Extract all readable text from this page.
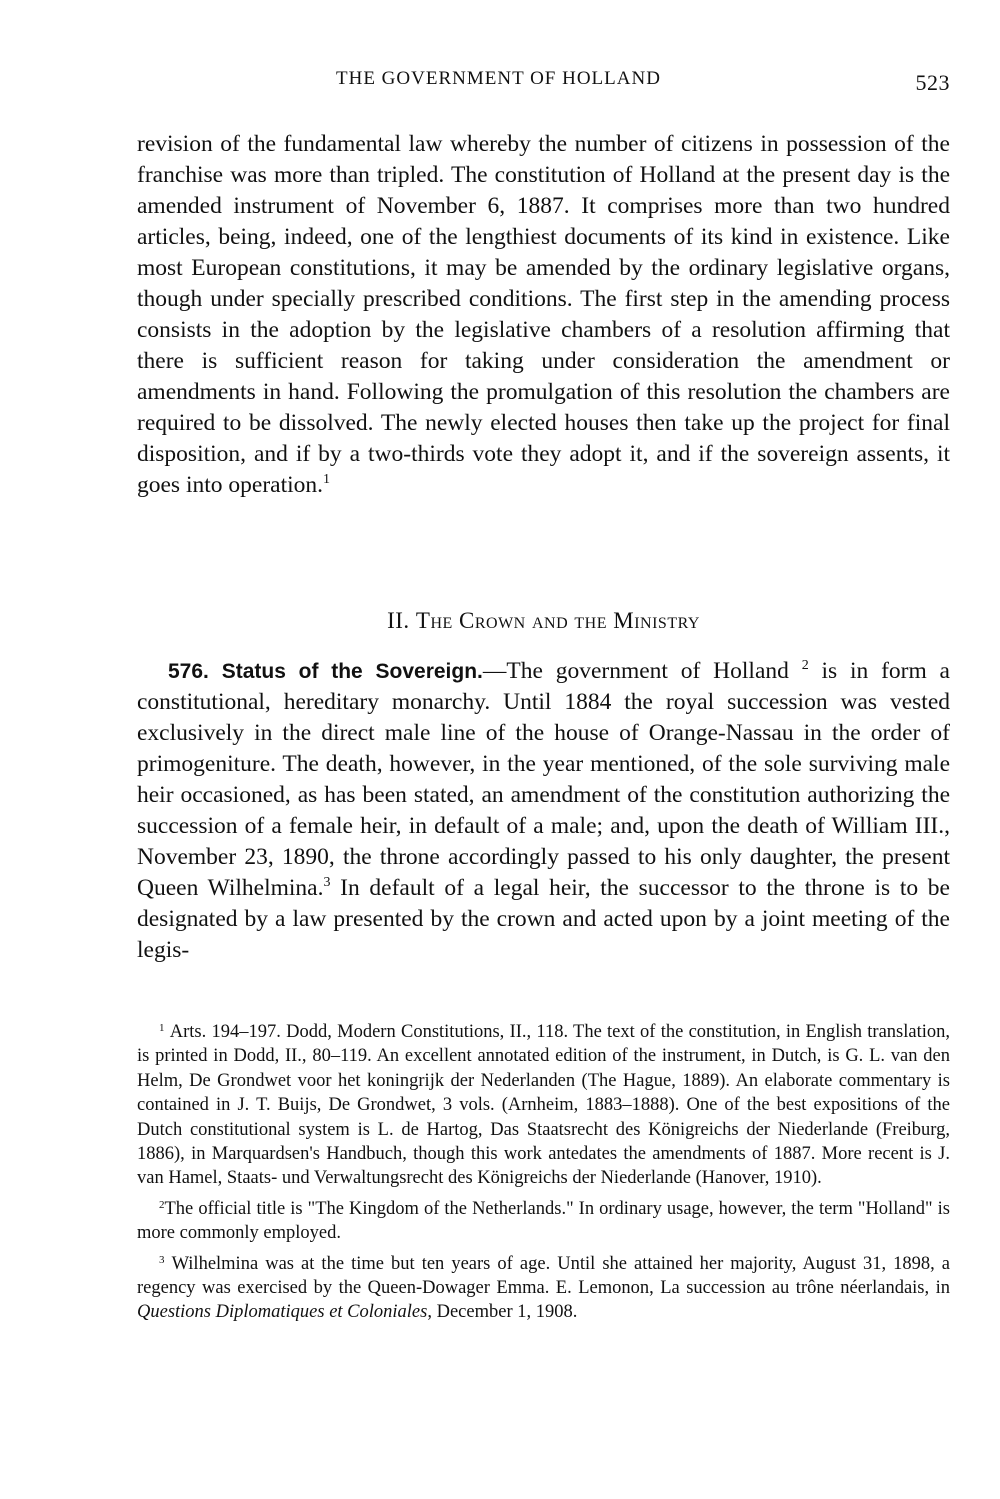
THE GOVERNMENT OF HOLLAND	523

revision of the fundamental law whereby the number of citizens in possession of the franchise was more than tripled. The constitution of Holland at the present day is the amended instrument of November 6, 1887. It comprises more than two hundred articles, being, indeed, one of the lengthiest documents of its kind in existence. Like most European constitutions, it may be amended by the ordinary legislative organs, though under specially prescribed conditions. The first step in the amending process consists in the adoption by the legislative chambers of a resolution affirming that there is sufficient reason for taking under consideration the amendment or amendments in hand. Following the promulgation of this resolution the chambers are required to be dissolved. The newly elected houses then take up the project for final disposition, and if by a two-thirds vote they adopt it, and if the sovereign assents, it goes into operation.$^1$

II. The Crown and the Ministry

576. Status of the Sovereign.—The government of Holland $^2$ is in form a constitutional, hereditary monarchy. Until 1884 the royal succession was vested exclusively in the direct male line of the house of Orange-Nassau in the order of primogeniture. The death, however, in the year mentioned, of the sole surviving male heir occasioned, as has been stated, an amendment of the constitution authorizing the succession of a female heir, in default of a male; and, upon the death of William III., November 23, 1890, the throne accordingly passed to his only daughter, the present Queen Wilhelmina.$^3$ In default of a legal heir, the successor to the throne is to be designated by a law presented by the crown and acted upon by a joint meeting of the legis-

$^1$ Arts. 194–197. Dodd, Modern Constitutions, II., 118. The text of the constitution, in English translation, is printed in Dodd, II., 80–119. An excellent annotated edition of the instrument, in Dutch, is G. L. van den Helm, De Grondwet voor het koningrijk der Nederlanden (The Hague, 1889). An elaborate commentary is contained in J. T. Buijs, De Grondwet, 3 vols. (Arnheim, 1883–1888). One of the best expositions of the Dutch constitutional system is L. de Hartog, Das Staatsrecht des Königreichs der Niederlande (Freiburg, 1886), in Marquardsen's Handbuch, though this work antedates the amendments of 1887. More recent is J. van Hamel, Staats- und Verwaltungsrecht des Königreichs der Niederlande (Hanover, 1910).

$^2$The official title is "The Kingdom of the Netherlands." In ordinary usage, however, the term "Holland" is more commonly employed.

$^3$ Wilhelmina was at the time but ten years of age. Until she attained her majority, August 31, 1898, a regency was exercised by the Queen-Dowager Emma. E. Lemonon, La succession au trône néerlandais, in Questions Diplomatiques et Coloniales, December 1, 1908.
